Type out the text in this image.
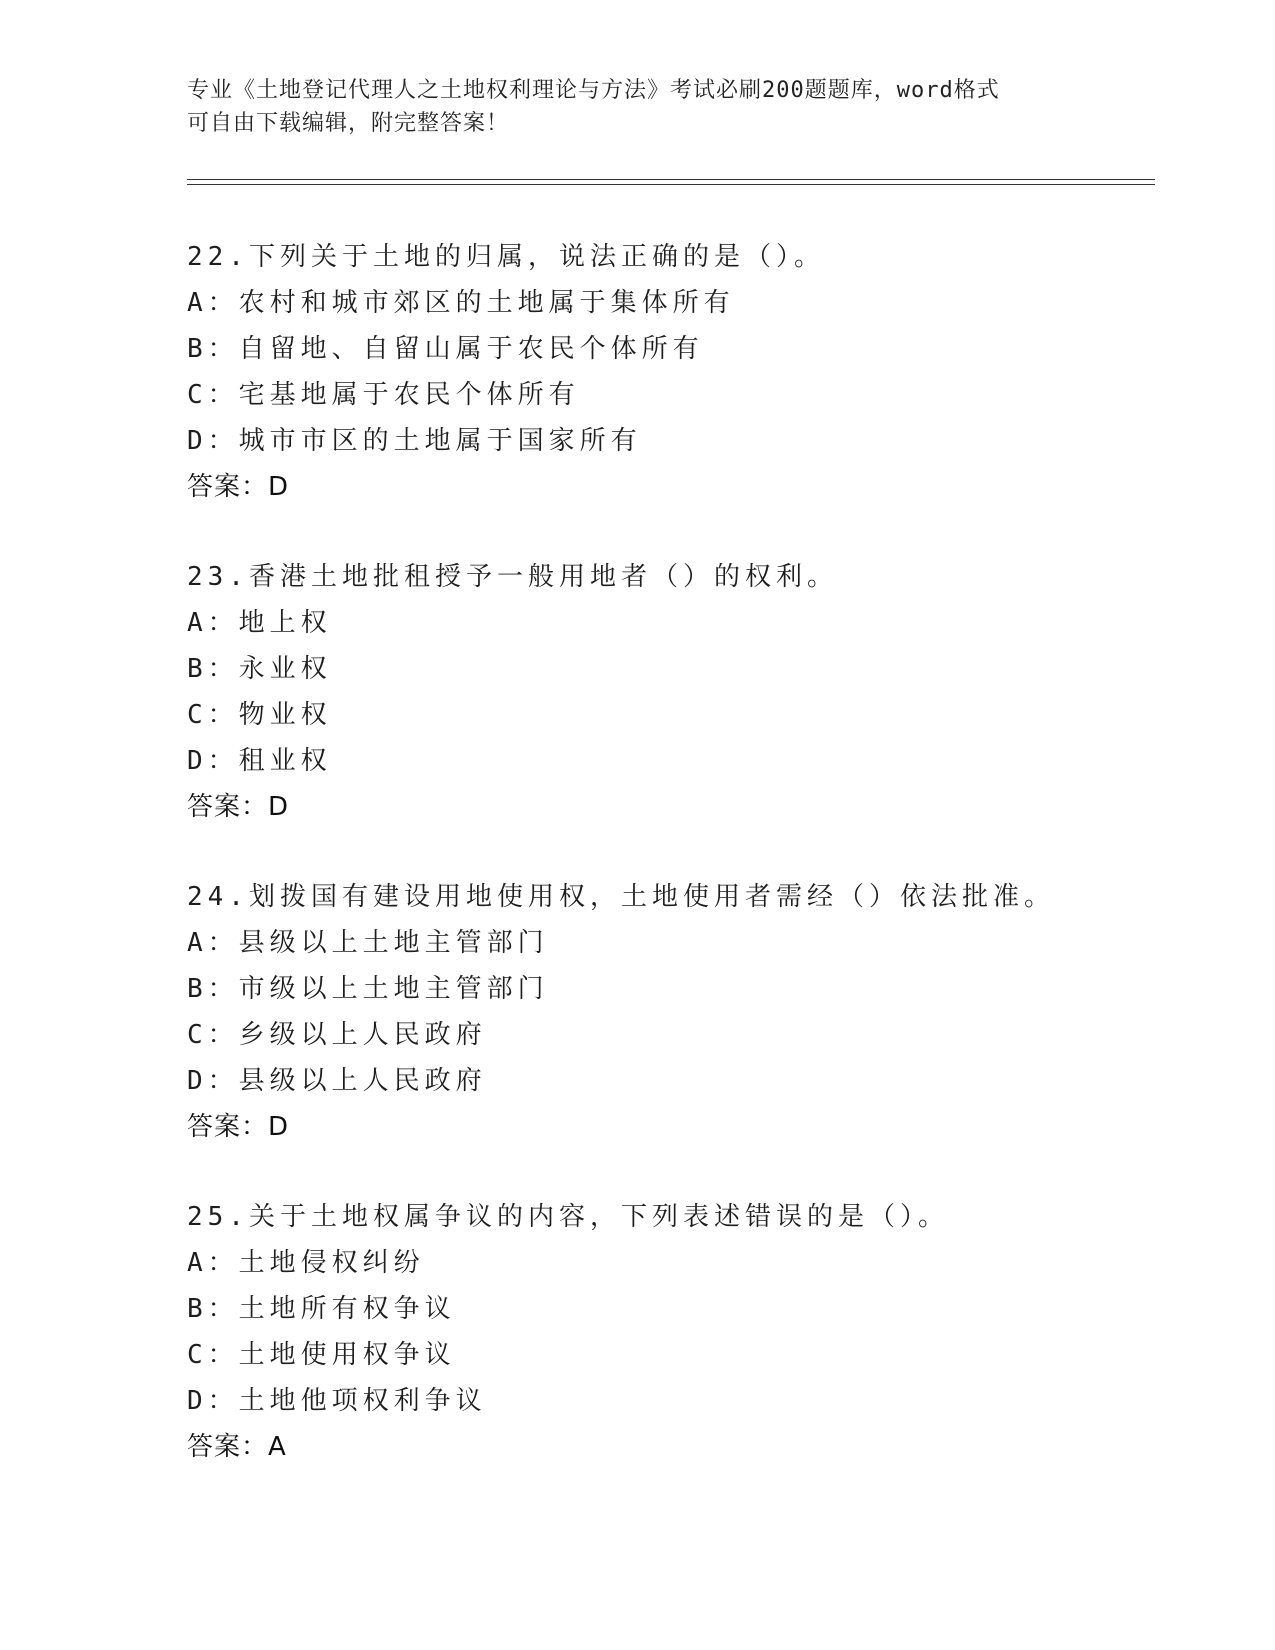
专业《土地登记代理人之土地权利理论与方法》考试必刷200题题库，word格式
可自由下载编辑，附完整答案！
22.下列关于土地的归属，说法正确的是（）。
A：农村和城市郊区的土地属于集体所有
B：自留地、自留山属于农民个体所有
C：宅基地属于农民个体所有
D：城市市区的土地属于国家所有
答案：D
23.香港土地批租授予一般用地者（）的权利。
A：地上权
B：永业权
C：物业权
D：租业权
答案：D
24.划拨国有建设用地使用权，土地使用者需经（）依法批准。
A：县级以上土地主管部门
B：市级以上土地主管部门
C：乡级以上人民政府
D：县级以上人民政府
答案：D
25.关于土地权属争议的内容，下列表述错误的是（）。
A：土地侵权纠纷
B：土地所有权争议
C：土地使用权争议
D：土地他项权利争议
答案：A
